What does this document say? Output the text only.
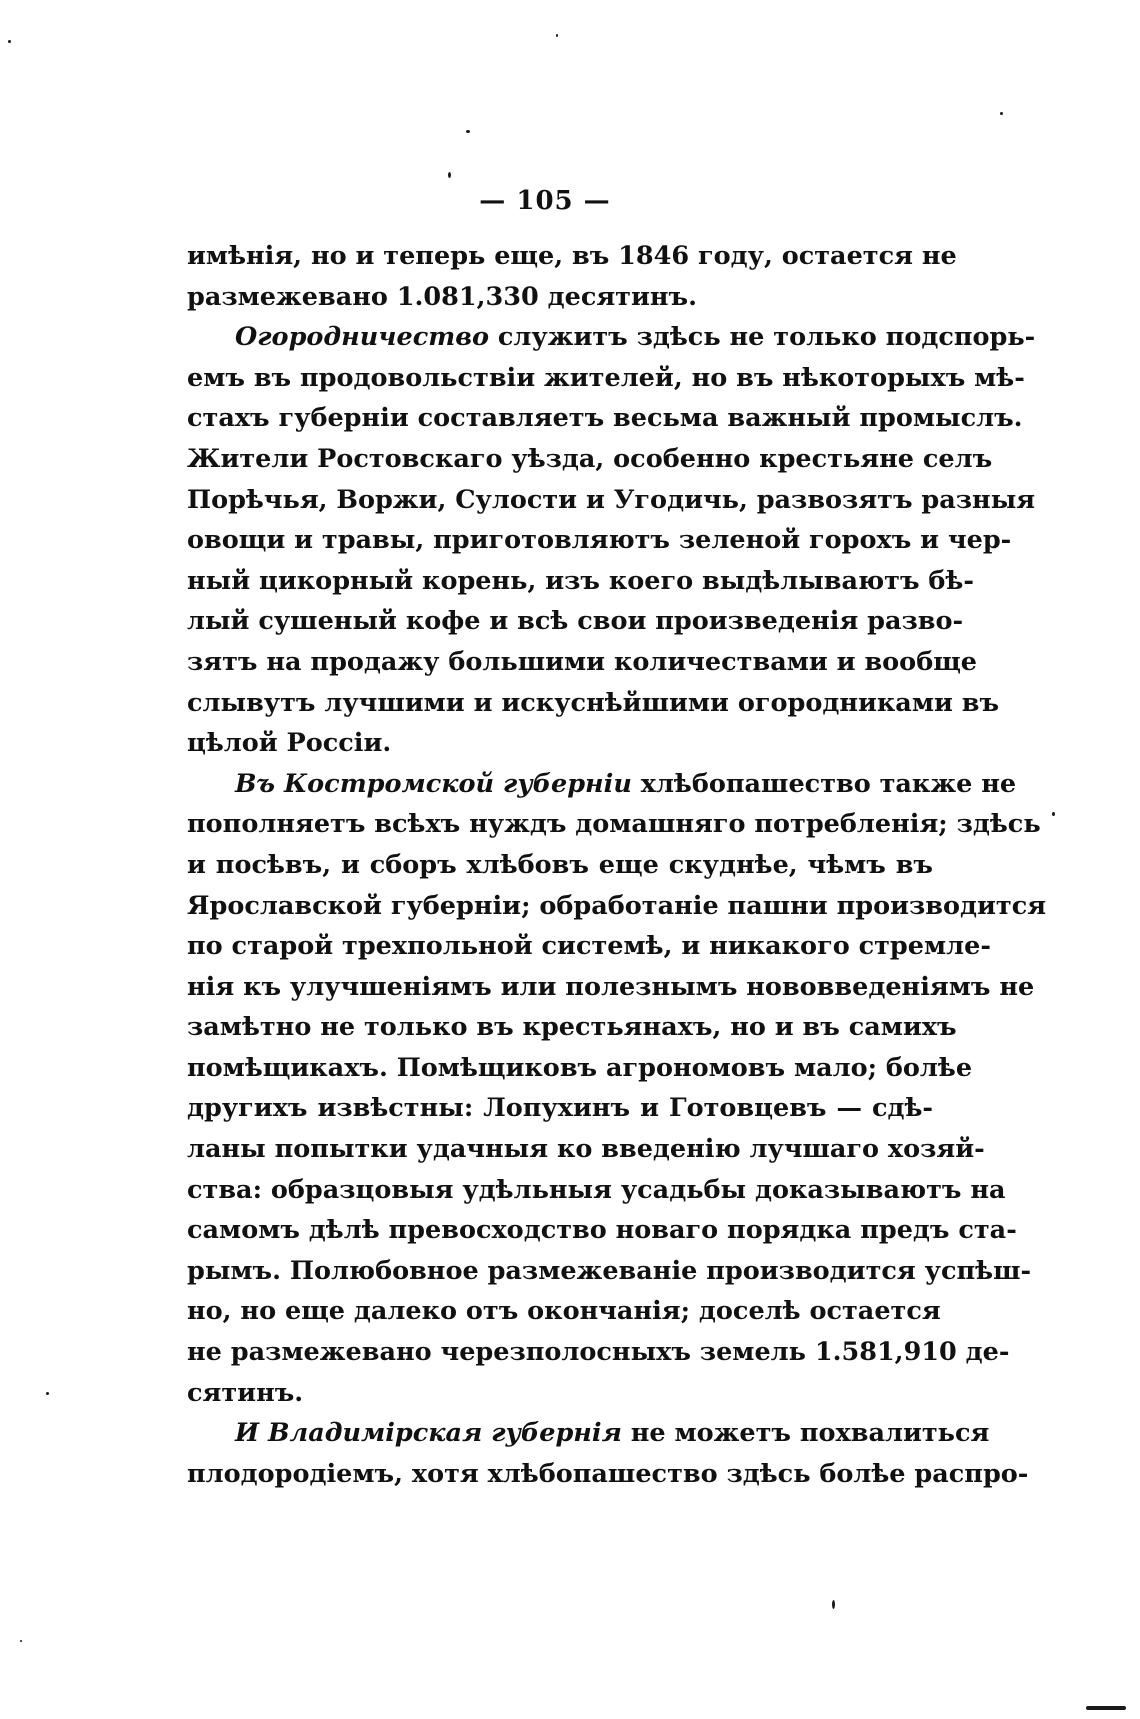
— 105 —
имѣнія, но и теперь еще, въ 1846 году, остается не
размежевано 1.081,330 десятинъ.
Огородничество служитъ здѣсь не только подспорь-
емъ въ продовольствіи жителей, но въ нѣкоторыхъ мѣ-
стахъ губерніи составляетъ весьма важный промыслъ.
Жители Ростовскаго уѣзда, особенно крестьяне селъ
Порѣчья, Воржи, Сулости и Угодичь, развозятъ разныя
овощи и травы, приготовляютъ зеленой горохъ и чер-
ный цикорный корень, изъ коего выдѣлываютъ бѣ-
лый сушеный кофе и всѣ свои произведенія разво-
зятъ на продажу большими количествами и вообще
слывутъ лучшими и искуснѣйшими огородниками въ
цѣлой Россіи.
Въ Костромской губерніи хлѣбопашество также не
пополняетъ всѣхъ нуждъ домашняго потребленія; здѣсь
и посѣвъ, и сборъ хлѣбовъ еще скуднѣе, чѣмъ въ
Ярославской губерніи; обработаніе пашни производится
по старой трехпольной системѣ, и никакого стремле-
нія къ улучшеніямъ или полезнымъ нововведеніямъ не
замѣтно не только въ крестьянахъ, но и въ самихъ
помѣщикахъ. Помѣщиковъ агрономовъ мало; болѣе
другихъ извѣстны: Лопухинъ и Готовцевъ — сдѣ-
ланы попытки удачныя ко введенію лучшаго хозяй-
ства: образцовыя удѣльныя усадьбы доказываютъ на
самомъ дѣлѣ превосходство новаго порядка предъ ста-
рымъ. Полюбовное размежеваніе производится успѣш-
но, но еще далеко отъ окончанія; доселѣ остается
не размежевано черезполосныхъ земель 1.581,910 де-
сятинъ.
И Владимірская губернія не можетъ похвалиться
плодородіемъ, хотя хлѣбопашество здѣсь болѣе распро-
